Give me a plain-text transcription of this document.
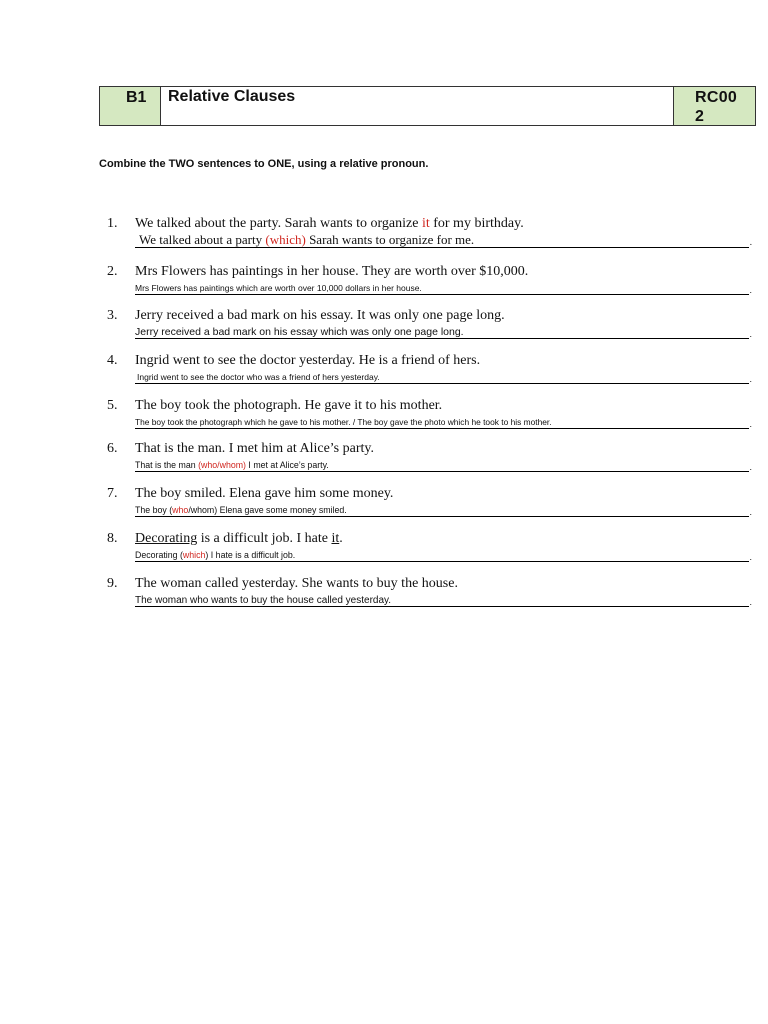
B1	Relative Clauses	RC00
2
Combine the TWO sentences to ONE, using a relative pronoun.
1. We talked about the party. Sarah wants to organize it for my birthday.
We talked about a party (which) Sarah wants to organize for me.	.
2. Mrs Flowers has paintings in her house. They are worth over $10,000.
Mrs Flowers has paintings which are worth over 10,000 dollars in her house.	.
3. Jerry received a bad mark on his essay. It was only one page long.
Jerry received a bad mark on his essay which was only one page long.	.
4. Ingrid went to see the doctor yesterday. He is a friend of hers.
Ingrid went to see the doctor who was a friend of hers yesterday.	.
5. The boy took the photograph. He gave it to his mother.
The boy took the photograph which he gave to his mother. / The boy gave the photo which he took to his mother.	.
6. That is the man. I met him at Alice’s party.
That is the man (who/whom) I met at Alice’s party.	.
7. The boy smiled. Elena gave him some money.
The boy (who/whom) Elena gave some money smiled.	.
8. Decorating is a difficult job. I hate it.
Decorating (which) I hate is a difficult job.	.
9. The woman called yesterday. She wants to buy the house.
The woman who wants to buy the house called yesterday.	.
